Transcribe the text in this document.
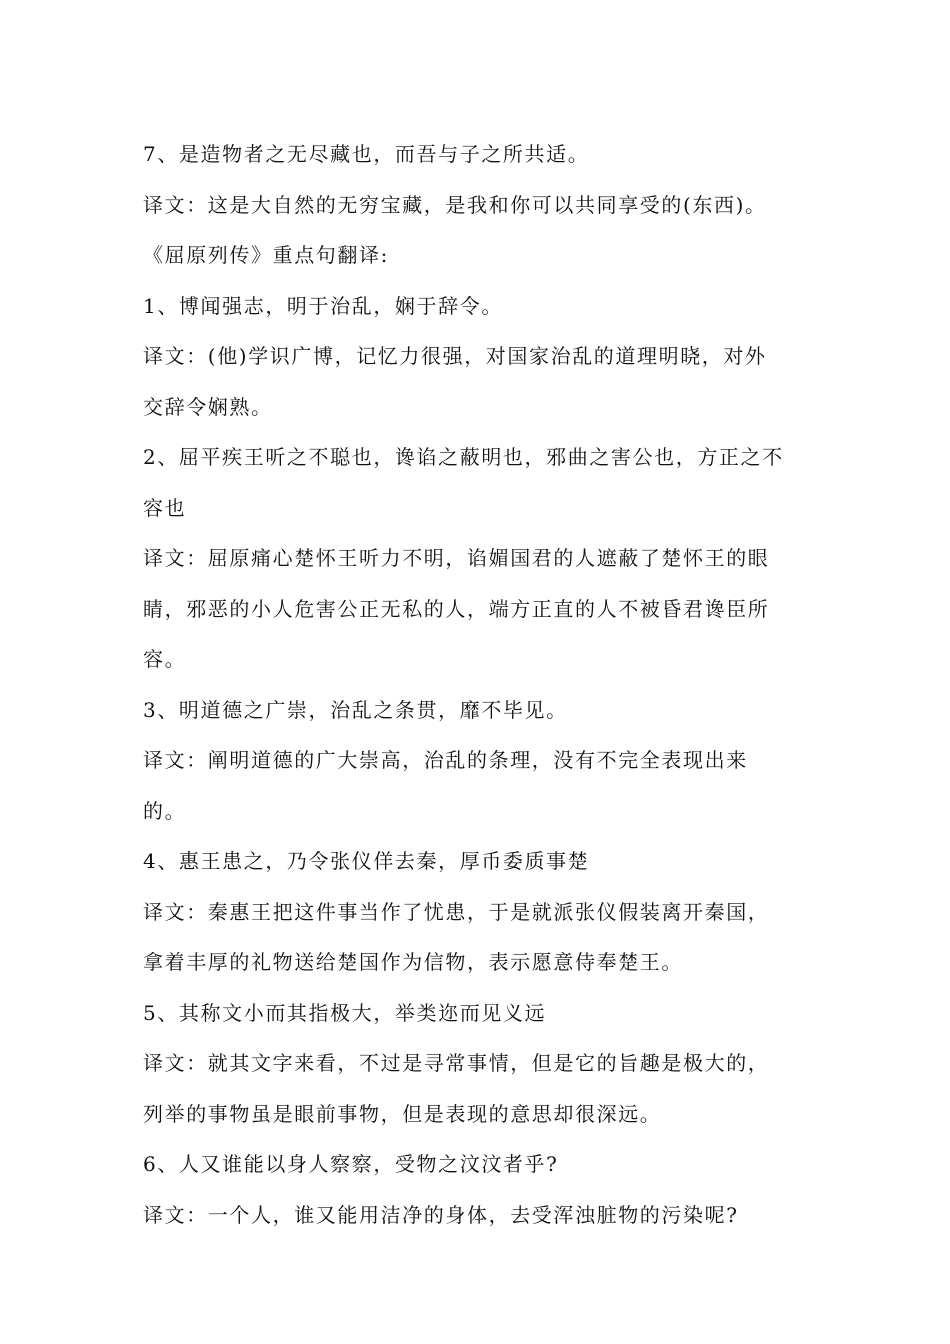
7、是造物者之无尽藏也，而吾与子之所共适。
译文：这是大自然的无穷宝藏，是我和你可以共同享受的(东西)。
《屈原列传》重点句翻译:
1、博闻强志，明于治乱，娴于辞令。
译文：(他)学识广博，记忆力很强，对国家治乱的道理明晓，对外
交辞令娴熟。
2、屈平疾王听之不聪也，谗谄之蔽明也，邪曲之害公也，方正之不
容也
译文：屈原痛心楚怀王听力不明，谄媚国君的人遮蔽了楚怀王的眼
睛，邪恶的小人危害公正无私的人，端方正直的人不被昏君谗臣所
容。
3、明道德之广崇，治乱之条贯，靡不毕见。
译文：阐明道德的广大崇高，治乱的条理，没有不完全表现出来
的。
4、惠王患之，乃令张仪佯去秦，厚币委质事楚
译文：秦惠王把这件事当作了忧患，于是就派张仪假装离开秦国，
拿着丰厚的礼物送给楚国作为信物，表示愿意侍奉楚王。
5、其称文小而其指极大，举类迩而见义远
译文：就其文字来看，不过是寻常事情，但是它的旨趣是极大的，
列举的事物虽是眼前事物，但是表现的意思却很深远。
6、人又谁能以身人察察，受物之汶汶者乎?
译文：一个人，谁又能用洁净的身体，去受浑浊脏物的污染呢?
